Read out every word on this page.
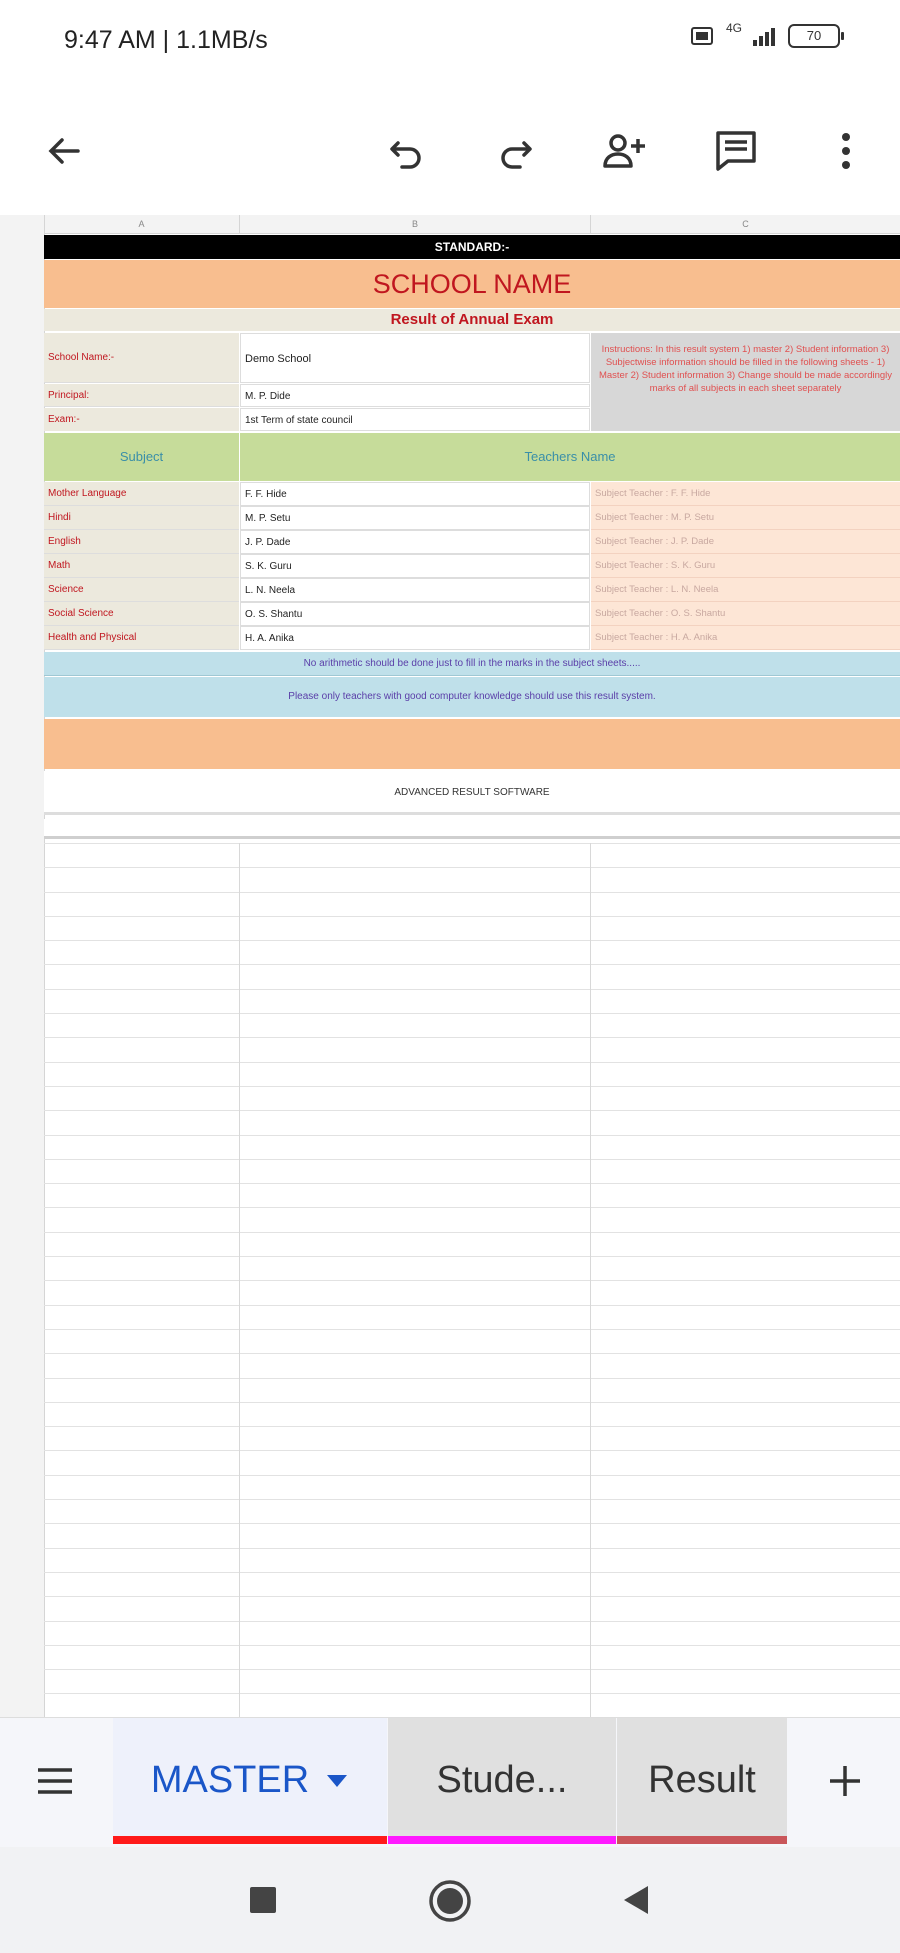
9:47 AM | 1.1MB/s	4G	70
A	B	C
STANDARD:-
SCHOOL NAME
Result of Annual Exam
School Name:-	Demo School
Principal:	M. P. Dide
Exam:-	1st Term of state council
Instructions: In this result system 1) master 2) Student information 3) Subjectwise information should be filled in the following sheets - 1) Master 2) Student information 3) Change should be made accordingly marks of all subjects in each sheet separately
Subject	Teachers Name
Mother Language	F. F. Hide	Subject Teacher : F. F. Hide
Hindi	M. P. Setu	Subject Teacher : M. P. Setu
English	J. P. Dade	Subject Teacher : J. P. Dade
Math	S. K. Guru	Subject Teacher : S. K. Guru
Science	L. N. Neela	Subject Teacher : L. N. Neela
Social Science	O. S. Shantu	Subject Teacher : O. S. Shantu
Health and Physical	H. A. Anika	Subject Teacher : H. A. Anika
No arithmetic should be done just to fill in the marks in the subject sheets.....
Please only teachers with good computer knowledge should use this result system.
ADVANCED RESULT SOFTWARE
MASTER	Stude... Result
